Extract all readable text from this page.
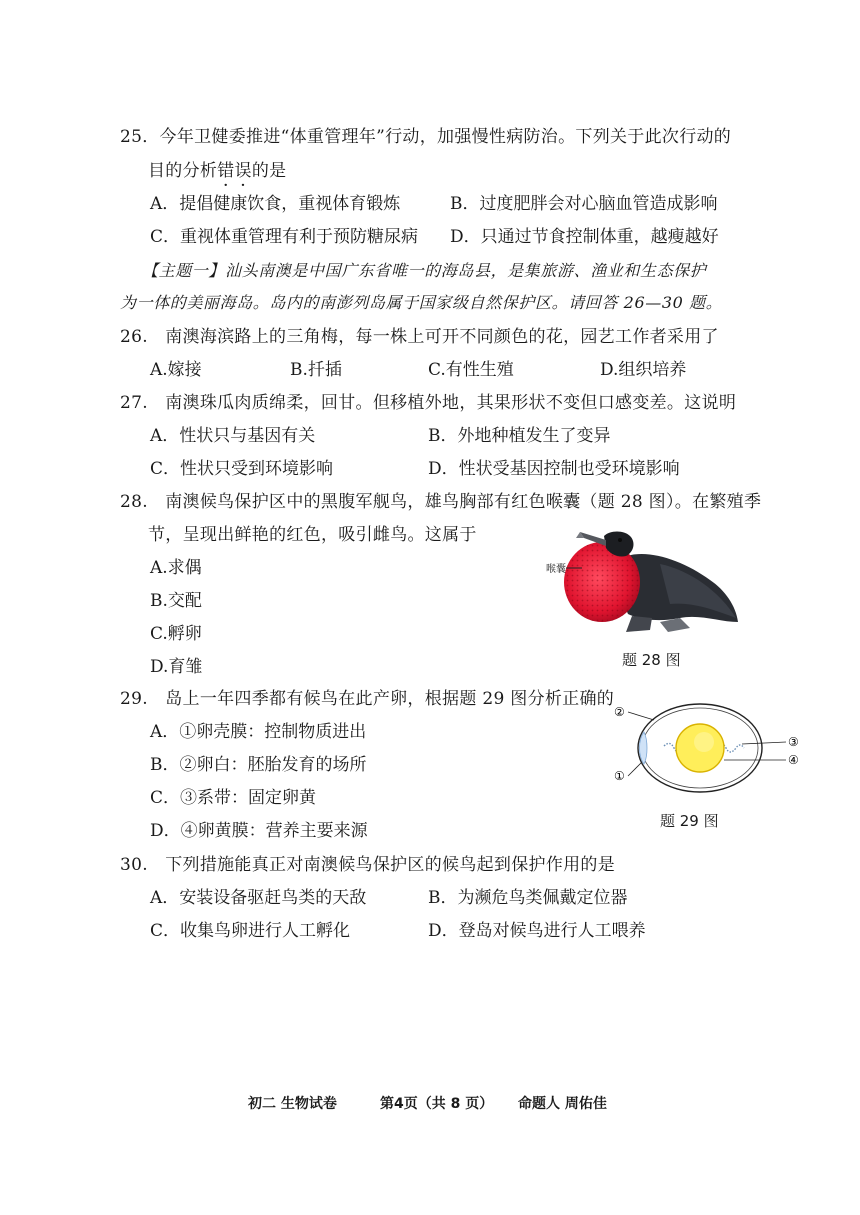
25．今年卫健委推进“体重管理年”行动，加强慢性病防治。下列关于此次行动的
目的分析错误的是
A．提倡健康饮食，重视体育锻炼	B．过度肥胖会对心脑血管造成影响
C．重视体重管理有利于预防糖尿病 D．只通过节食控制体重，越瘦越好
【主题一】汕头南澳是中国广东省唯一的海岛县，是集旅游、渔业和生态保护
为一体的美丽海岛。岛内的南澎列岛属于国家级自然保护区。请回答 26—30 题。
26.　南澳海滨路上的三角梅，每一株上可开不同颜色的花，园艺工作者采用了
A.嫁接	B.扦插	C.有性生殖	D.组织培养
27.　南澳珠瓜肉质绵柔，回甘。但移植外地，其果形状不变但口感变差。这说明
A．性状只与基因有关	B．外地种植发生了变异
C．性状只受到环境影响	D．性状受基因控制也受环境影响
28.　南澳候鸟保护区中的黑腹军舰鸟，雄鸟胸部有红色喉囊（题 28 图）。在繁殖季
节，呈现出鲜艳的红色，吸引雌鸟。这属于
A.求偶
B.交配
C.孵卵
D.育雏
喉囊
题 28 图
29.　岛上一年四季都有候鸟在此产卵，根据题 29 图分析正确的
A．①卵壳膜：控制物质进出
B．②卵白：胚胎发育的场所
C．③系带：固定卵黄
D．④卵黄膜：营养主要来源
①
②
③
④
题 29 图
30.　下列措施能真正对南澳候鸟保护区的候鸟起到保护作用的是
A．安装设备驱赶鸟类的天敌	B．为濒危鸟类佩戴定位器
C．收集鸟卵进行人工孵化	D．登岛对候鸟进行人工喂养
初二 生物试卷	第4页（共 8 页） 命题人 周佑佳
